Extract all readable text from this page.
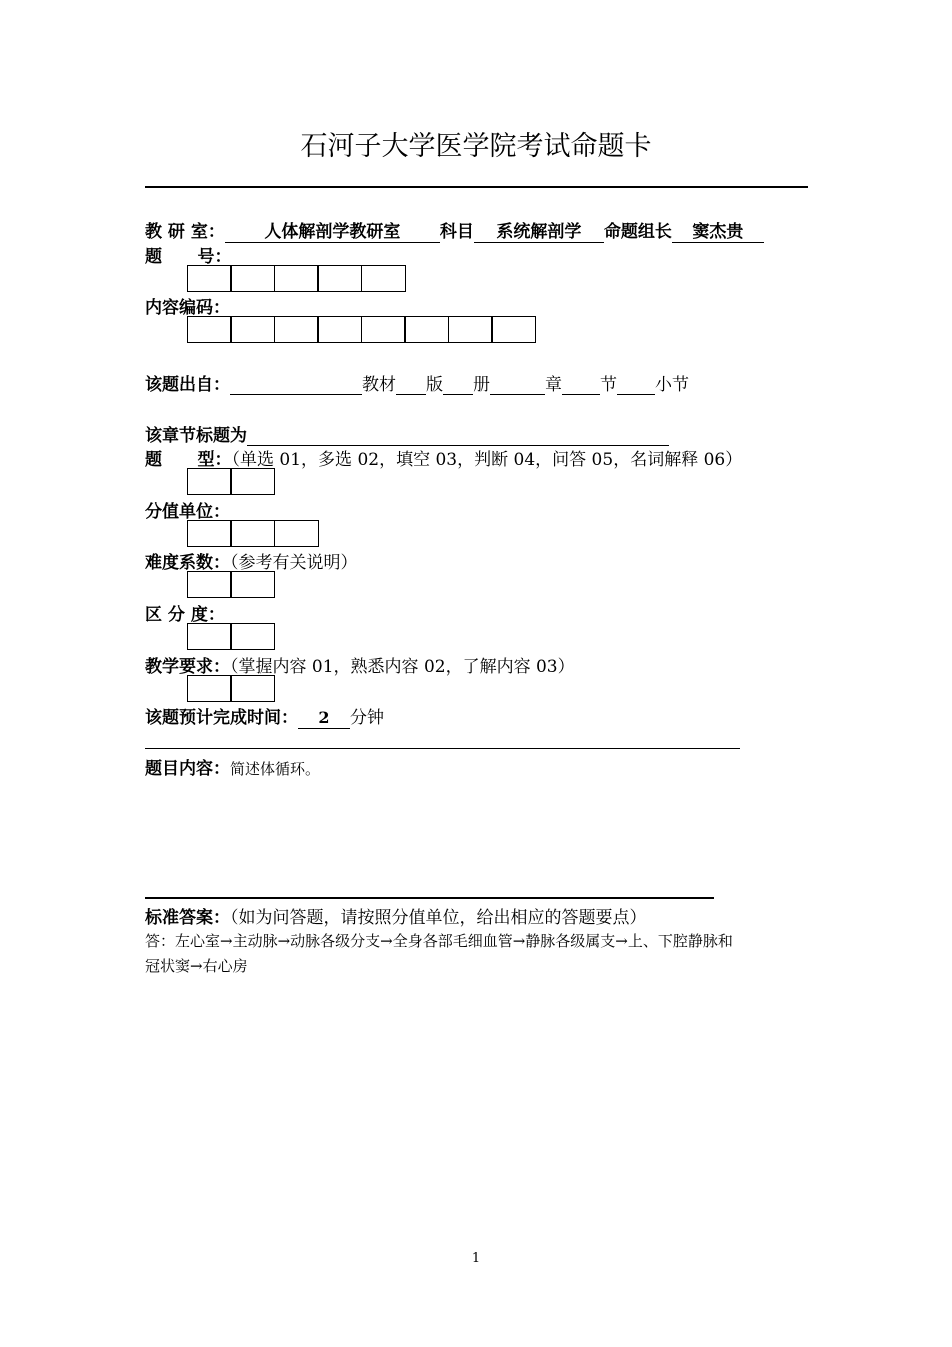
石河子大学医学院考试命题卡
教 研 室： 人体解剖学教研室 科目 系统解剖学 命题组长 窦杰贵
题      号：
内容编码：
该题出自：	教材 版 册	章 节 小节
该章节标题为
题      型：（单选 01，多选 02，填空 03，判断 04，问答 05，名词解释 06）
分值单位：
难度系数：（参考有关说明）
区 分 度：
教学要求：（掌握内容 01，熟悉内容 02，了解内容 03）
该题预计完成时间： 2 分钟
题目内容：简述体循环。
标准答案：（如为问答题，请按照分值单位，给出相应的答题要点）
答：左心室→主动脉→动脉各级分支→全身各部毛细血管→静脉各级属支→上、下腔静脉和
冠状窦→右心房
1
